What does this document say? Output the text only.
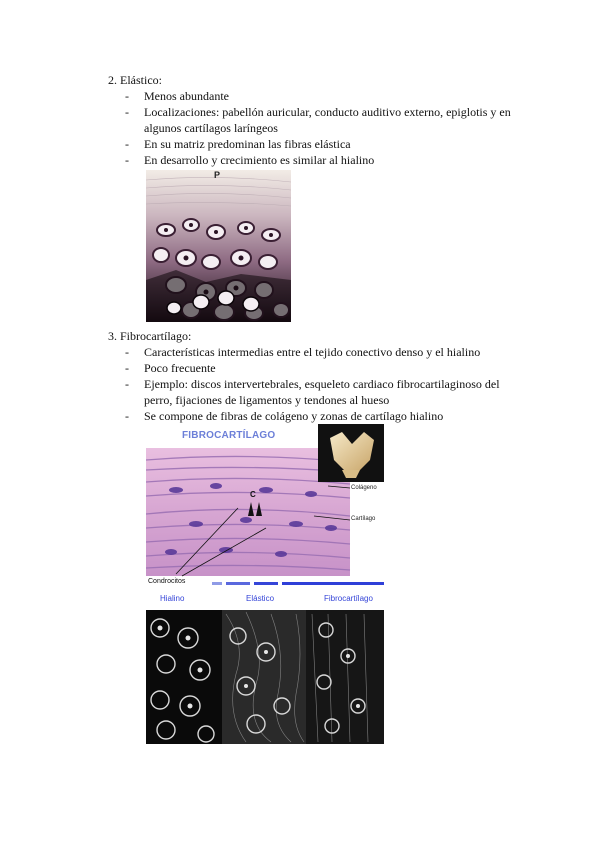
2. Elástico:
- Menos abundante
- Localizaciones: pabellón auricular, conducto auditivo externo, epiglotis y en algunos cartílagos laríngeos
- En su matriz predominan las fibras elástica
- En desarrollo y crecimiento es similar al hialino
P
3. Fibrocartílago:
- Características intermedias entre el tejido conectivo denso y el hialino
- Poco frecuente
- Ejemplo: discos intervertebrales, esqueleto cardiaco fibrocartilaginoso del perro, fijaciones de ligamentos y tendones al hueso
- Se compone de fibras de colágeno y zonas de cartílago hialino
FIBROCARTÍLAGO
Colágeno
Cartílago
C
Condrocitos
Hialino	Elástico	Fibrocartílago
